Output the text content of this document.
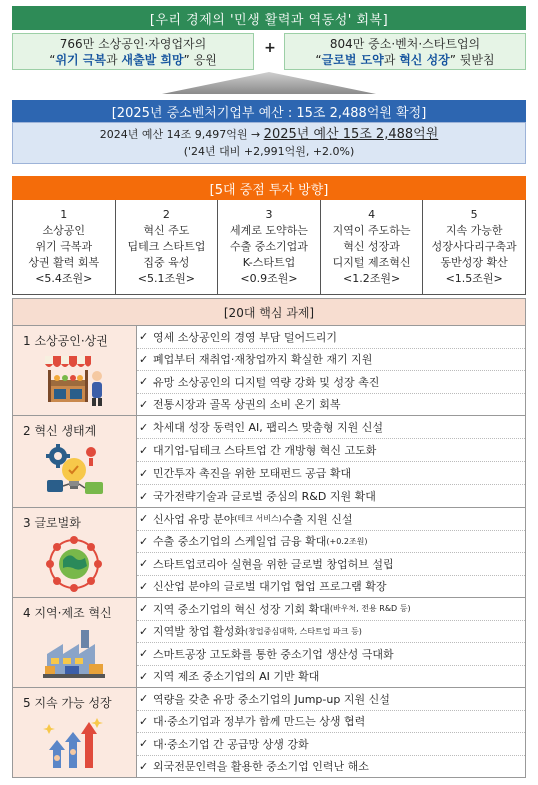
[우리 경제의 '민생 활력과 역동성' 회복]
766만 소상공인·자영업자의
“위기 극복과 새출발 희망” 응원
+	804만 중소·벤처·스타트업의
“글로벌 도약과 혁신 성장” 뒷받침
[2025년 중소벤처기업부 예산 : 15조 2,488억원 확정]
2024년 예산 14조 9,497억원 → 2025년 예산 15조 2,488억원
('24년 대비 +2,991억원, +2.0%)
[5대 중점 투자 방향]
1
소상공인
위기 극복과
상권 활력 회복
<5.4조원>
2
혁신 주도
딥테크 스타트업
집중 육성
<5.1조원>
3
세계로 도약하는
수출 중소기업과
K-스타트업
<0.9조원>
4
지역이 주도하는
혁신 성장과
디지털 제조혁신
<1.2조원>
5
지속 가능한
성장사다리구축과
동반성장 확산
<1.5조원>
[20대 핵심 과제]
1 소상공인·상권	✓ 영세 소상공인의 경영 부담 덜어드리기
✓ 폐업부터 재취업·재창업까지 확실한 재기 지원
✓ 유망 소상공인의 디지털 역량 강화 및 성장 촉진
✓ 전통시장과 골목 상권의 소비 온기 회복
2 혁신 생태계	✓ 차세대 성장 동력인 AI, 팹리스 맞춤형 지원 신설
✓ 대기업-딥테크 스타트업 간 개방형 혁신 고도화
✓ 민간투자 촉진을 위한 모태펀드 공급 확대
✓ 국가전략기술과 글로벌 중심의 R&D 지원 확대
3 글로벌화	✓ 신사업 유망 분야 (테크 서비스) 수출 지원 신설
✓ 수출 중소기업의 스케일업 금융 확대 (+0.2조원)
✓ 스타트업코리아 실현을 위한 글로벌 창업허브 설립
✓ 신산업 분야의 글로벌 대기업 협업 프로그램 확장
4 지역·제조 혁신 ✓ 지역 중소기업의 혁신 성장 기회 확대 (바우처, 전용 R&D 등)
✓ 지역발 창업 활성화 (창업중심대학, 스타트업 파크 등)
✓ 스마트공장 고도화를 통한 중소기업 생산성 극대화
✓ 지역 제조 중소기업의 AI 기반 확대
5 지속 가능 성장 ✓ 역량을 갖춘 유망 중소기업의 Jump-up 지원 신설
✓ 대·중소기업과 정부가 함께 만드는 상생 협력
✓ 대·중소기업 간 공급망 상생 강화
✓ 외국전문인력을 활용한 중소기업 인력난 해소
